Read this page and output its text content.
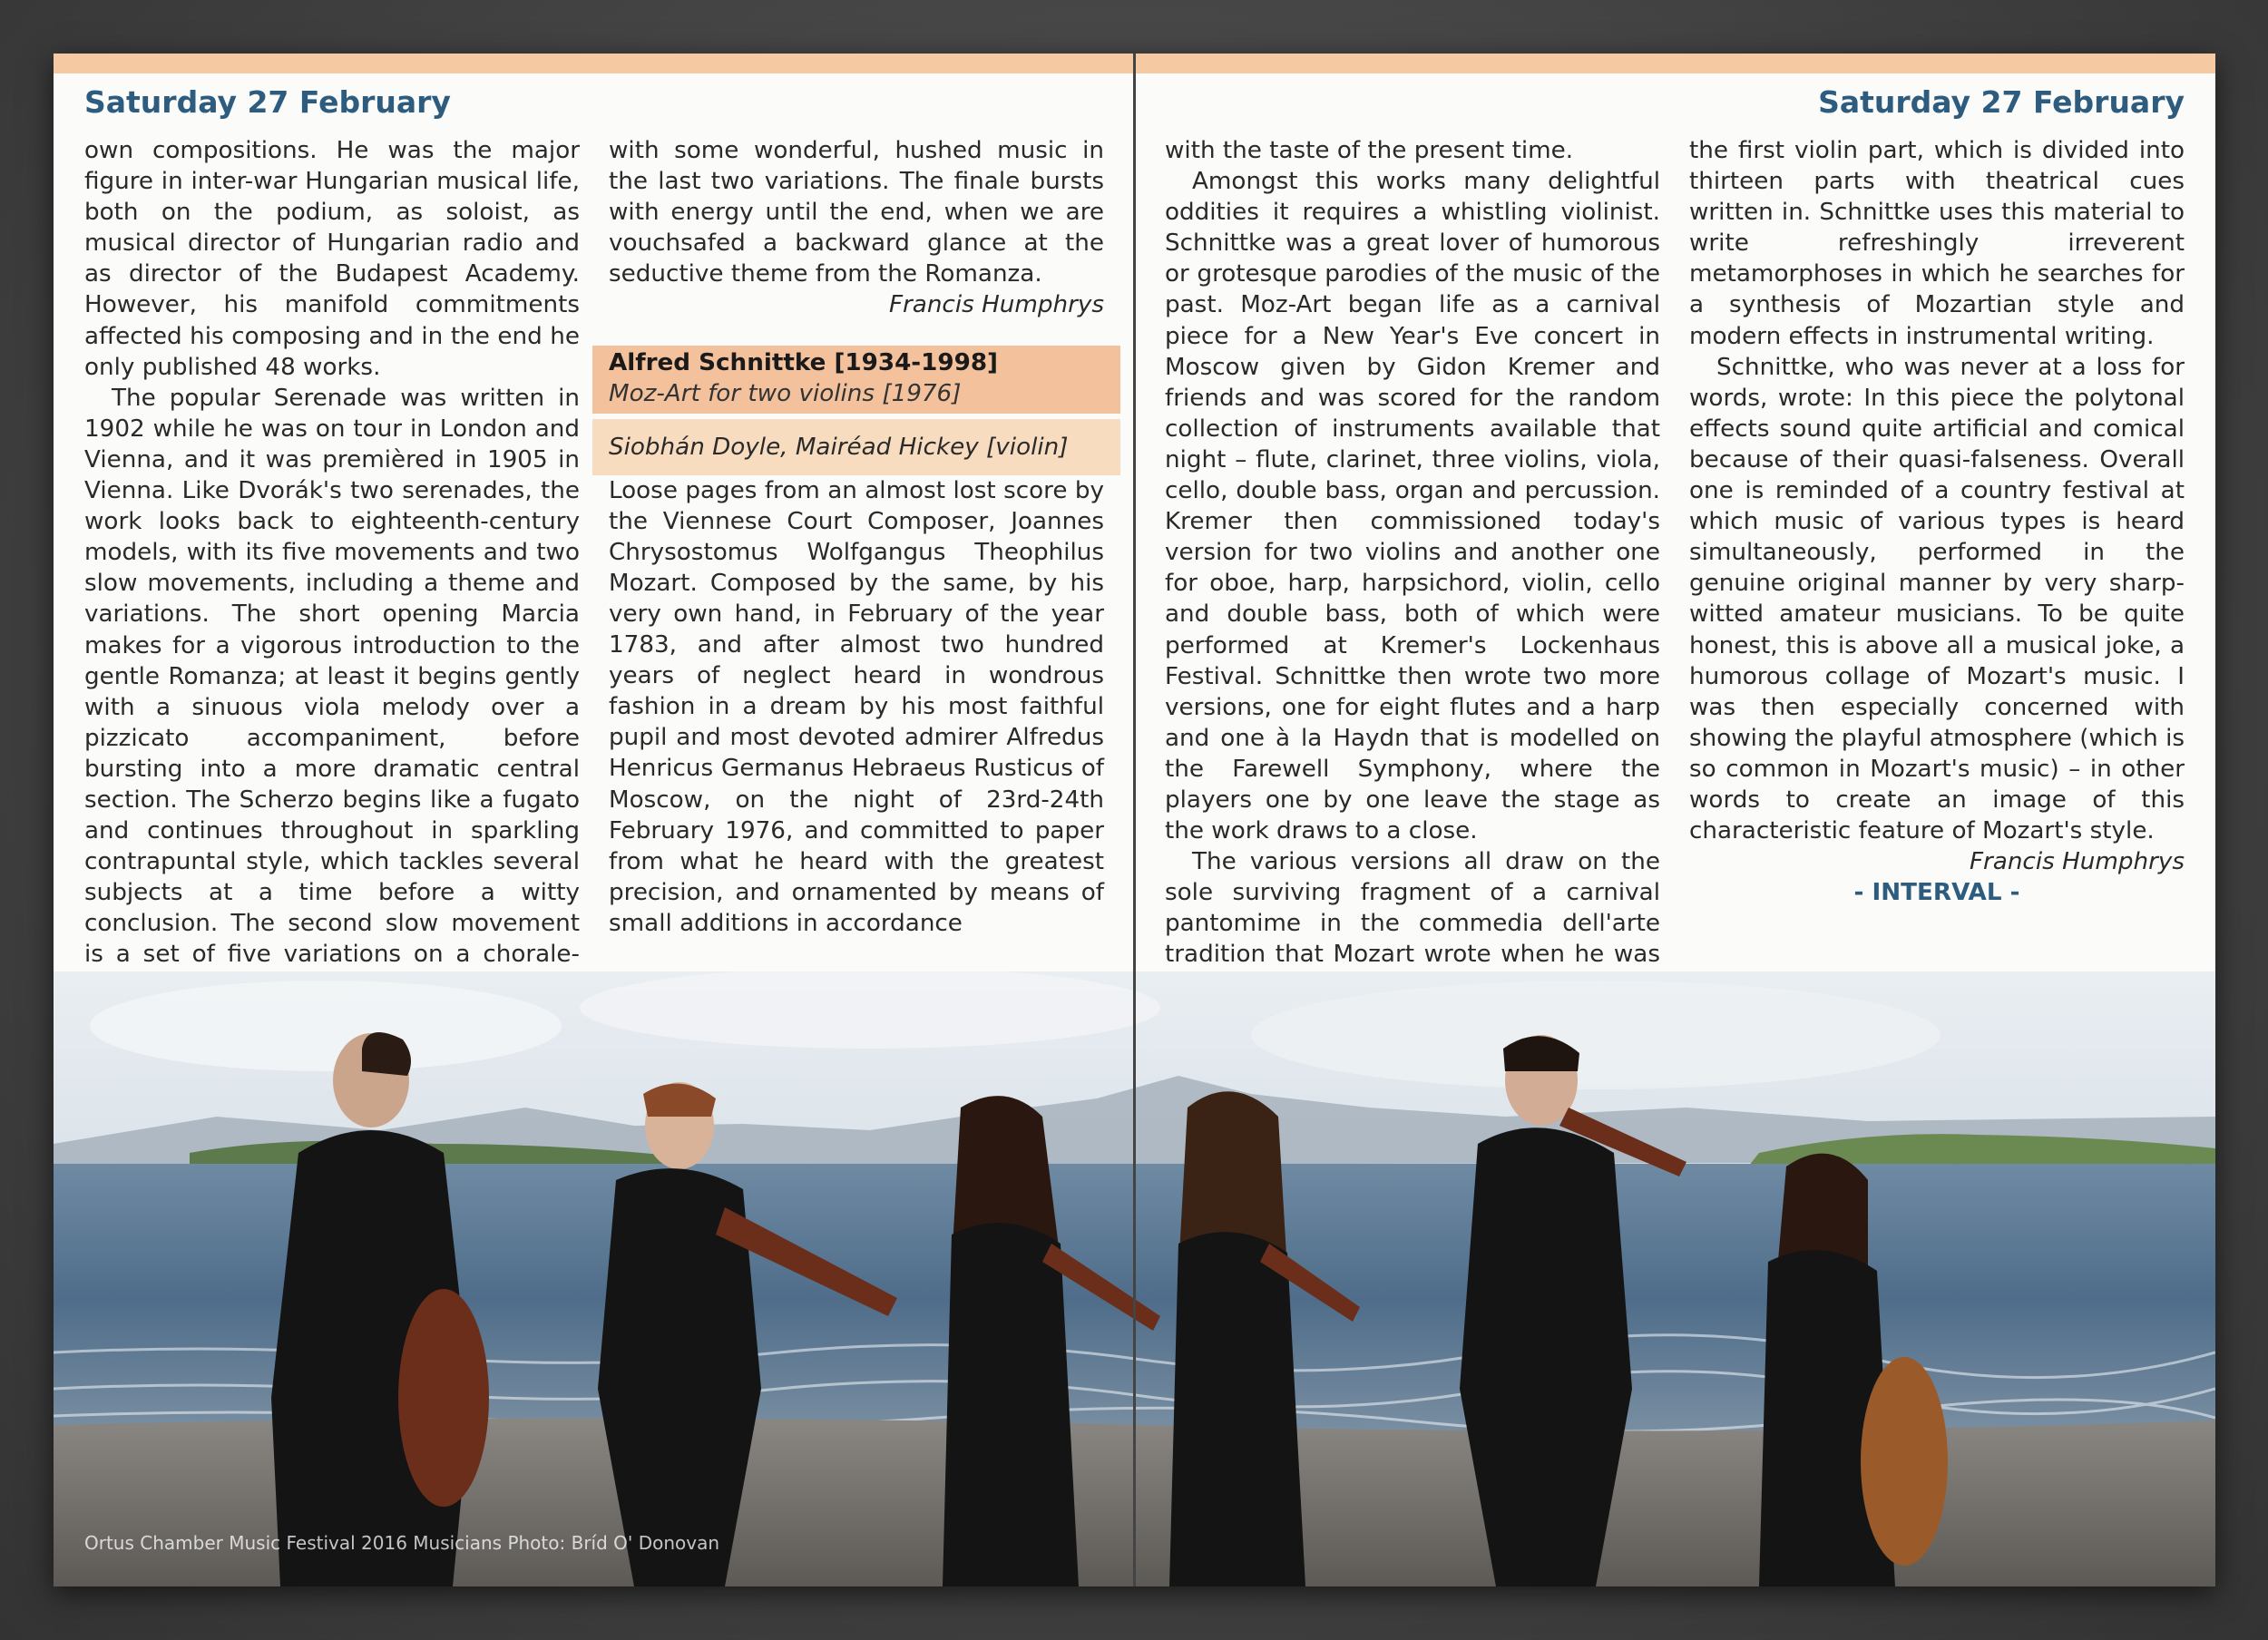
Saturday 27 February	Saturday 27 February

own compositions. He was the major figure in inter-war Hungarian musical life, both on the podium, as soloist, as musical director of Hungarian radio and as director of the Budapest Academy. However, his manifold commitments affected his composing and in the end he only published 48 works.

The popular Serenade was written in 1902 while he was on tour in London and Vienna, and it was premièred in 1905 in Vienna. Like Dvorák's two serenades, the work looks back to eighteenth-century models, with its five movements and two slow movements, including a theme and variations. The short opening Marcia makes for a vigorous introduction to the gentle Romanza; at least it begins gently with a sinuous viola melody over a pizzicato accompaniment, before bursting into a more dramatic central section. The Scherzo begins like a fugato and continues throughout in sparkling contrapuntal style, which tackles several subjects at a time before a witty conclusion. The second slow movement is a set of five variations on a chorale-

with some wonderful, hushed music in the last two variations. The finale bursts with energy until the end, when we are vouchsafed a backward glance at the seductive theme from the Romanza.

Francis Humphrys

Alfred Schnittke [1934-1998]
Moz-Art for two violins [1976]
Siobhán Doyle, Mairéad Hickey [violin]

Loose pages from an almost lost score by the Viennese Court Composer, Joannes Chrysostomus Wolfgangus Theophilus Mozart. Composed by the same, by his very own hand, in February of the year 1783, and after almost two hundred years of neglect heard in wondrous fashion in a dream by his most faithful pupil and most devoted admirer Alfredus Henricus Germanus Hebraeus Rusticus of Moscow, on the night of 23rd-24th February 1976, and committed to paper from what he heard with the greatest precision, and ornamented by means of small additions in accordance

with the taste of the present time.

Amongst this works many delightful oddities it requires a whistling violinist. Schnittke was a great lover of humorous or grotesque parodies of the music of the past. Moz-Art began life as a carnival piece for a New Year's Eve concert in Moscow given by Gidon Kremer and friends and was scored for the random collection of instruments available that night – flute, clarinet, three violins, viola, cello, double bass, organ and percussion. Kremer then commissioned today's version for two violins and another one for oboe, harp, harpsichord, violin, cello and double bass, both of which were performed at Kremer's Lockenhaus Festival. Schnittke then wrote two more versions, one for eight flutes and a harp and one à la Haydn that is modelled on the Farewell Symphony, where the players one by one leave the stage as the work draws to a close.

The various versions all draw on the sole surviving fragment of a carnival pantomime in the commedia dell'arte tradition that Mozart wrote when he was

the first violin part, which is divided into thirteen parts with theatrical cues written in. Schnittke uses this material to write refreshingly irreverent metamorphoses in which he searches for a synthesis of Mozartian style and modern effects in instrumental writing.

Schnittke, who was never at a loss for words, wrote: In this piece the polytonal effects sound quite artificial and comical because of their quasi-falseness. Overall one is reminded of a country festival at which music of various types is heard simultaneously, performed in the genuine original manner by very sharp-witted amateur musicians. To be quite honest, this is above all a musical joke, a humorous collage of Mozart's music. I was then especially concerned with showing the playful atmosphere (which is so common in Mozart's music) – in other words to create an image of this characteristic feature of Mozart's style.

Francis Humphrys

- INTERVAL -

Ortus Chamber Music Festival 2016 Musicians Photo: Bríd O' Donovan
